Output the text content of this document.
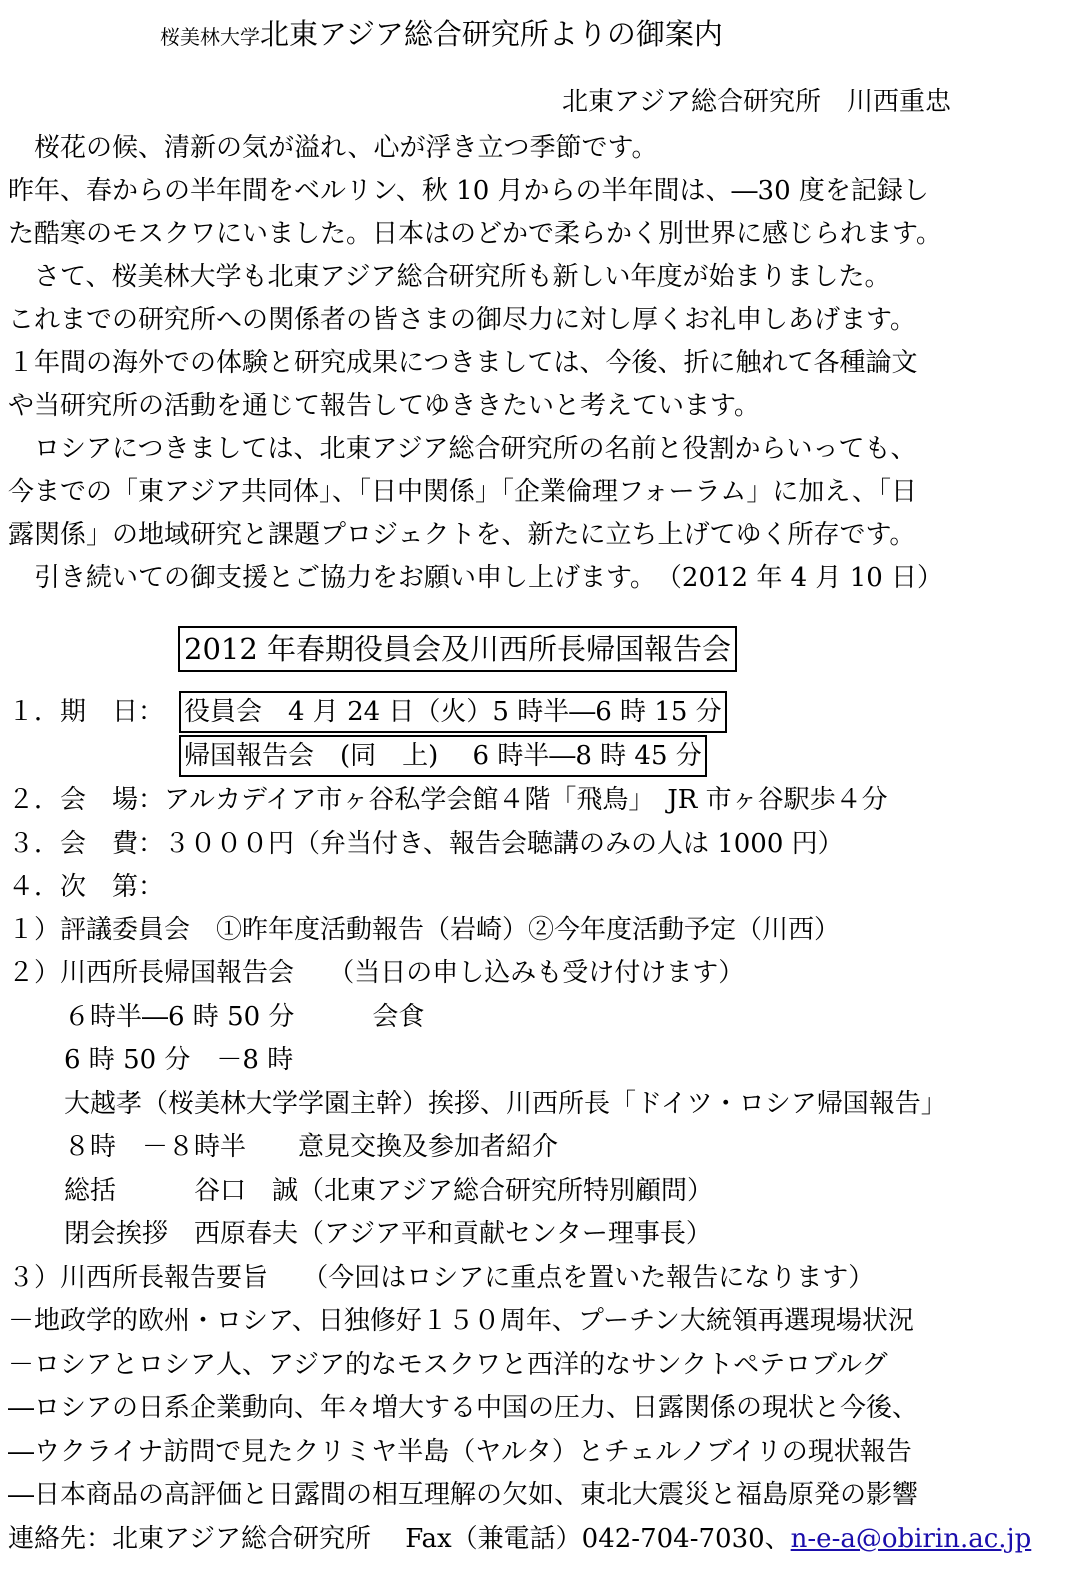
桜美林大学北東アジア総合研究所よりの御案内
北東アジア総合研究所　川西重忠
　桜花の候、清新の気が溢れ、心が浮き立つ季節です。
昨年、春からの半年間をベルリン、秋 10 月からの半年間は、―30 度を記録し
た酷寒のモスクワにいました。日本はのどかで柔らかく別世界に感じられます。
　さて、桜美林大学も北東アジア総合研究所も新しい年度が始まりました。
これまでの研究所への関係者の皆さまの御尽力に対し厚くお礼申しあげます。
１年間の海外での体験と研究成果につきましては、今後、折に触れて各種論文
や当研究所の活動を通じて報告してゆききたいと考えています。
　ロシアにつきましては、北東アジア総合研究所の名前と役割からいっても、
今までの「東アジア共同体」、「日中関係」「企業倫理フォーラム」に加え、「日
露関係」の地域研究と課題プロジェクトを、新たに立ち上げてゆく所存です。
　引き続いての御支援とご協力をお願い申し上げます。　（2012 年 4 月 10 日）
2012 年春期役員会及川西所長帰国報告会
１．期　日： 役員会　4 月 24 日（火）5 時半―6 時 15 分
帰国報告会　(同　上)　 6 時半―8 時 45 分
２．会　場：アルカデイア市ヶ谷私学会館４階「飛鳥」　JR 市ヶ谷駅歩４分
３．会　費：３０００円（弁当付き、報告会聴講のみの人は 1000 円）
４．次　第：
１）評議委員会　①昨年度活動報告（岩崎）②今年度活動予定（川西）
２）川西所長帰国報告会　 （当日の申し込みも受け付けます）
６時半―6 時 50 分　　　会食
6 時 50 分　－8 時
大越孝（桜美林大学学園主幹）挨拶、川西所長「ドイツ・ロシア帰国報告」
８時　－８時半　　意見交換及参加者紹介
総括　　　谷口　誠（北東アジア総合研究所特別顧問）
閉会挨拶　西原春夫（アジア平和貢献センター理事長）
３）川西所長報告要旨　 （今回はロシアに重点を置いた報告になります）
－地政学的欧州・ロシア、日独修好１５０周年、プーチン大統領再選現場状況
－ロシアとロシア人、アジア的なモスクワと西洋的なサンクトペテロブルグ
―ロシアの日系企業動向、年々増大する中国の圧力、日露関係の現状と今後、
―ウクライナ訪問で見たクリミヤ半島（ヤルタ）とチェルノブイリの現状報告
―日本商品の高評価と日露間の相互理解の欠如、東北大震災と福島原発の影響
連絡先：北東アジア総合研究所　 Fax（兼電話）042-704-7030、n-e-a@obirin.ac.jp
